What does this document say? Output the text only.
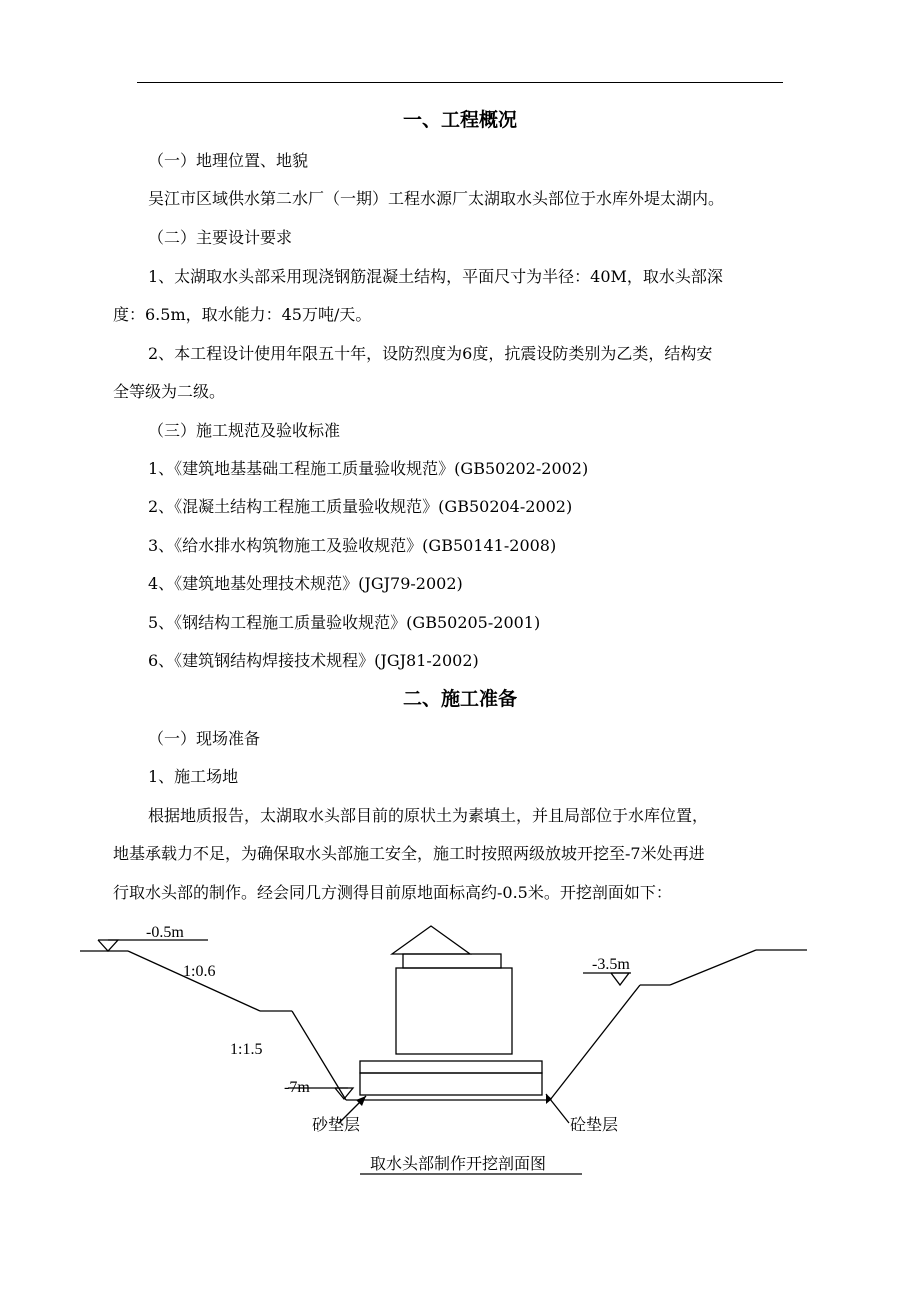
一、工程概况
（一）地理位置、地貌
吴江市区域供水第二水厂（一期）工程水源厂太湖取水头部位于水库外堤太湖内。
（二）主要设计要求
1、太湖取水头部采用现浇钢筋混凝土结构，平面尺寸为半径：40M，取水头部深
度：6.5m，取水能力：45万吨/天。
2、本工程设计使用年限五十年，设防烈度为6度，抗震设防类别为乙类，结构安
全等级为二级。
（三）施工规范及验收标准
1、《建筑地基基础工程施工质量验收规范》(GB50202-2002)
2、《混凝土结构工程施工质量验收规范》(GB50204-2002)
3、《给水排水构筑物施工及验收规范》(GB50141-2008)
4、《建筑地基处理技术规范》(JGJ79-2002)
5、《钢结构工程施工质量验收规范》(GB50205-2001)
6、《建筑钢结构焊接技术规程》(JGJ81-2002)
二、施工准备
（一）现场准备
1、施工场地
根据地质报告，太湖取水头部目前的原状土为素填土，并且局部位于水库位置，
地基承载力不足，为确保取水头部施工安全，施工时按照两级放坡开挖至-7米处再进
行取水头部的制作。经会同几方测得目前原地面标高约-0.5米。开挖剖面如下：
-0.5m
1:0.6
1:1.5
-7m
-3.5m
砂垫层	砼垫层
取水头部制作开挖剖面图
